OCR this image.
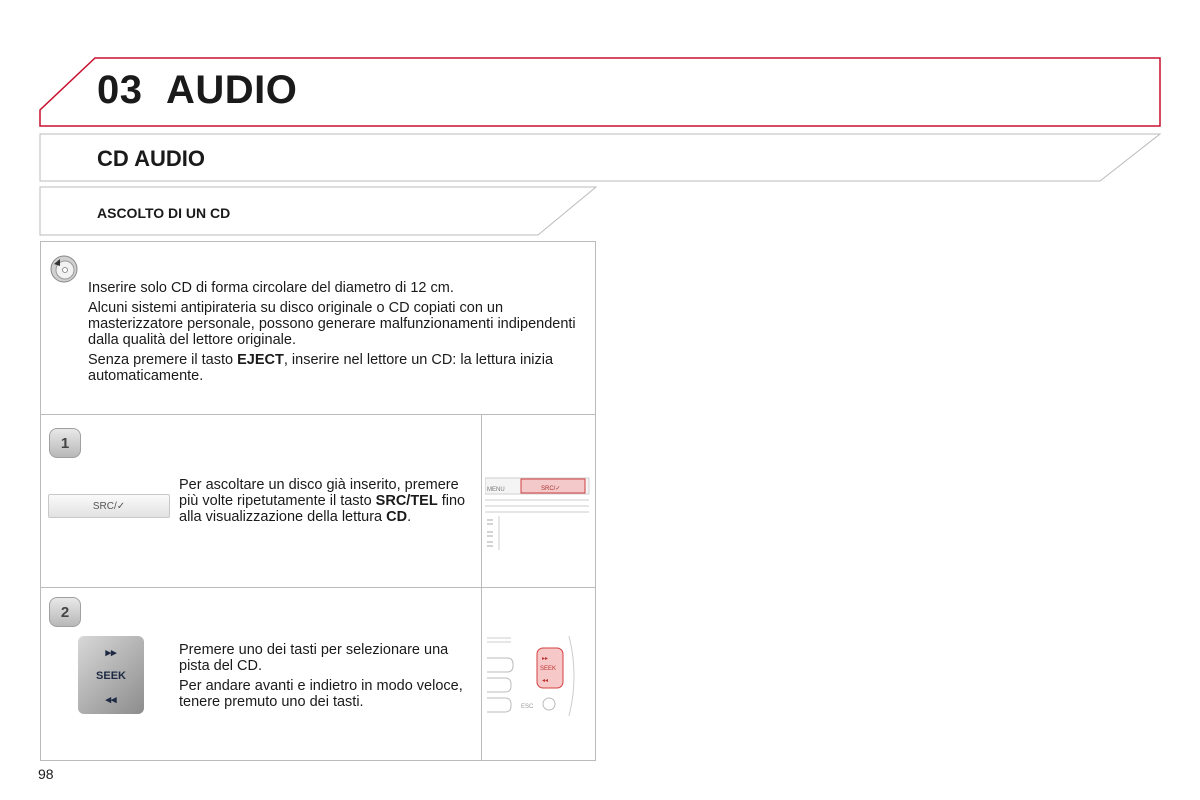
03 AUDIO
CD AUDIO
ASCOLTO DI UN CD

Inserire solo CD di forma circolare del diametro di 12 cm.

Alcuni sistemi antipirateria su disco originale o CD copiati con un masterizzatore personale, possono generare malfunzionamenti indipendenti dalla qualità del lettore originale.

Senza premere il tasto EJECT, inserire nel lettore un CD: la lettura inizia automaticamente.

1
SRC/✓
Per ascoltare un disco già inserito, premere più volte ripetutamente il tasto SRC/TEL fino alla visualizzazione della lettura CD.
MENU	SRC/✓
2
▸▸
SEEK
◂◂

Premere uno dei tasti per selezionare una pista del CD.

Per andare avanti e indietro in modo veloce, tenere premuto uno dei tasti.

▸▸
SEEK
◂◂
ESC
98
